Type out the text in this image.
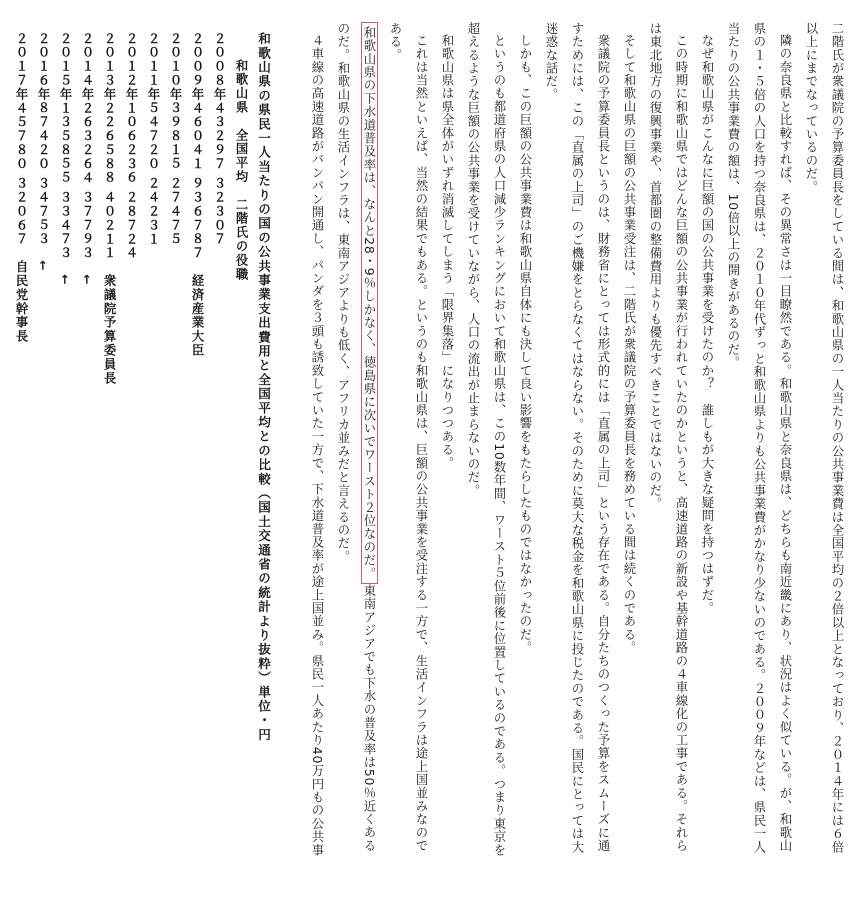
二階氏が衆議院の予算委員長をしている間は、和歌山県の一人当たりの公共事業費は全国平均の２倍以上となっており、２０１４年には６倍以上にまでなっているのだ。

隣の奈良県と比較すれば、その異常さは一目瞭然である。和歌山県と奈良県は、どちらも南近畿にあり、状況はよく似ている。が、和歌山県の１・５倍の人口を持つ奈良県は、２０１０年代ずっと和歌山県よりも公共事業費がかなり少ないのである。２００９年などは、県民一人当たりの公共事業費の額は、10倍以上の開きがあるのだ。

なぜ和歌山県がこんなに巨額の国の公共事業を受けたのか？　誰しもが大きな疑問を持つはずだ。

この時期に和歌山県ではどんな巨額の公共事業が行われていたのかというと、高速道路の新設や基幹道路の４車線化の工事である。それらは東北地方の復興事業や、首都圏の整備費用よりも優先すべきことではないのだ。

そして和歌山県の巨額の公共事業受注は、二階氏が衆議院の予算委員長を務めている間は続くのである。

衆議院の予算委員長というのは、財務省にとっては形式的には「直属の上司」という存在である。自分たちのつくった予算をスムーズに通すためには、この「直属の上司」のご機嫌をとらなくてはならない。そのために莫大な税金を和歌山県に投じたのである。国民にとっては大迷惑な話だ。

しかも、この巨額の公共事業費は和歌山県自体にも決して良い影響をもたらしたものではなかったのだ。

というのも都道府県の人口減少ランキングにおいて和歌山県は、この10数年間、ワースト５位前後に位置しているのである。つまり東京を超えるような巨額の公共事業を受けていながら、人口の流出が止まらないのだ。

和歌山県は県全体がいずれ消滅してしまう「限界集落」になりつつある。

これは当然といえば、当然の結果でもある。というのも和歌山県は、巨額の公共事業を受注する一方で、生活インフラは途上国並みなのである。

和歌山県の下水道普及率は、なんと28・9％しかなく、徳島県に次いでワースト２位なのだ。東南アジアでも下水の普及率は50％近くあるのだ。和歌山県の生活インフラは、東南アジアよりも低く、アフリカ並みだと言えるのだ。

４車線の高速道路がバンバン開通し、パンダを３頭も誘致していた一方で、下水道普及率が途上国並み。県民一人あたり40万円もの公共事

和歌山県の県民一人当たりの国の公共事業支出費用と全国平均との比較（国土交通省の統計より抜粋）単位・円
和歌山県　全国平均　二階氏の役職
２００８年４３２９７ ３２３０７
２００９年４６０４１ ９３６７８７　経済産業大臣
２０１０年３９８１５ ２７４７５
２０１１年５４７２０ ２４２３１
２０１２年１０６２３６ ２８７２４
２０１３年２２６５８８ ４０２１１　衆議院予算委員長
２０１４年２６３２６４ ３７７９３　←
２０１５年１３５８５５ ３３４７３　←
２０１６年８７４２０ ３４７５３　←
２０１７年４５７８０ ３２０６７　自民党幹事長
